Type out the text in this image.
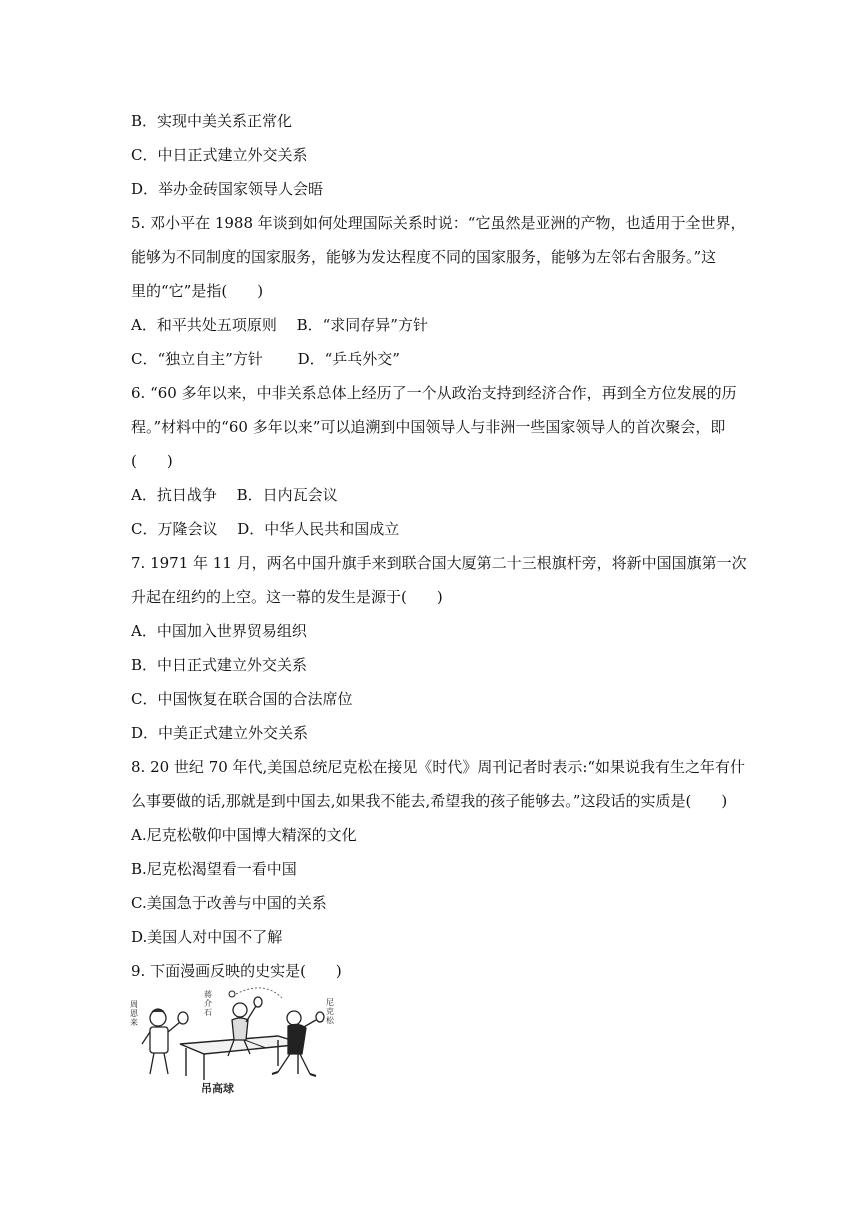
B．实现中美关系正常化
C．中日正式建立外交关系
D．举办金砖国家领导人会晤
5. 邓小平在 1988 年谈到如何处理国际关系时说：“它虽然是亚洲的产物，也适用于全世界，
能够为不同制度的国家服务，能够为发达程度不同的国家服务，能够为左邻右舍服务。”这
里的“它”是指(　　)
A．和平共处五项原则　 B．“求同存异”方针
C．“独立自主”方针　　 D．“乒乓外交”
6. “60 多年以来，中非关系总体上经历了一个从政治支持到经济合作，再到全方位发展的历
程。”材料中的“60 多年以来”可以追溯到中国领导人与非洲一些国家领导人的首次聚会，即
(　　)
A．抗日战争　 B．日内瓦会议
C．万隆会议　 D．中华人民共和国成立
7. 1971 年 11 月，两名中国升旗手来到联合国大厦第二十三根旗杆旁，将新中国国旗第一次
升起在纽约的上空。这一幕的发生是源于(　　)
A．中国加入世界贸易组织
B．中日正式建立外交关系
C．中国恢复在联合国的合法席位
D．中美正式建立外交关系
8. 20 世纪 70 年代,美国总统尼克松在接见《时代》周刊记者时表示:“如果说我有生之年有什
么事要做的话,那就是到中国去,如果我不能去,希望我的孩子能够去。”这段话的实质是(　　)
A.尼克松敬仰中国博大精深的文化
B.尼克松渴望看一看中国
C.美国急于改善与中国的关系
D.美国人对中国不了解
9. 下面漫画反映的史实是(　　)
周恩来
蒋介石
尼克松
吊高球
